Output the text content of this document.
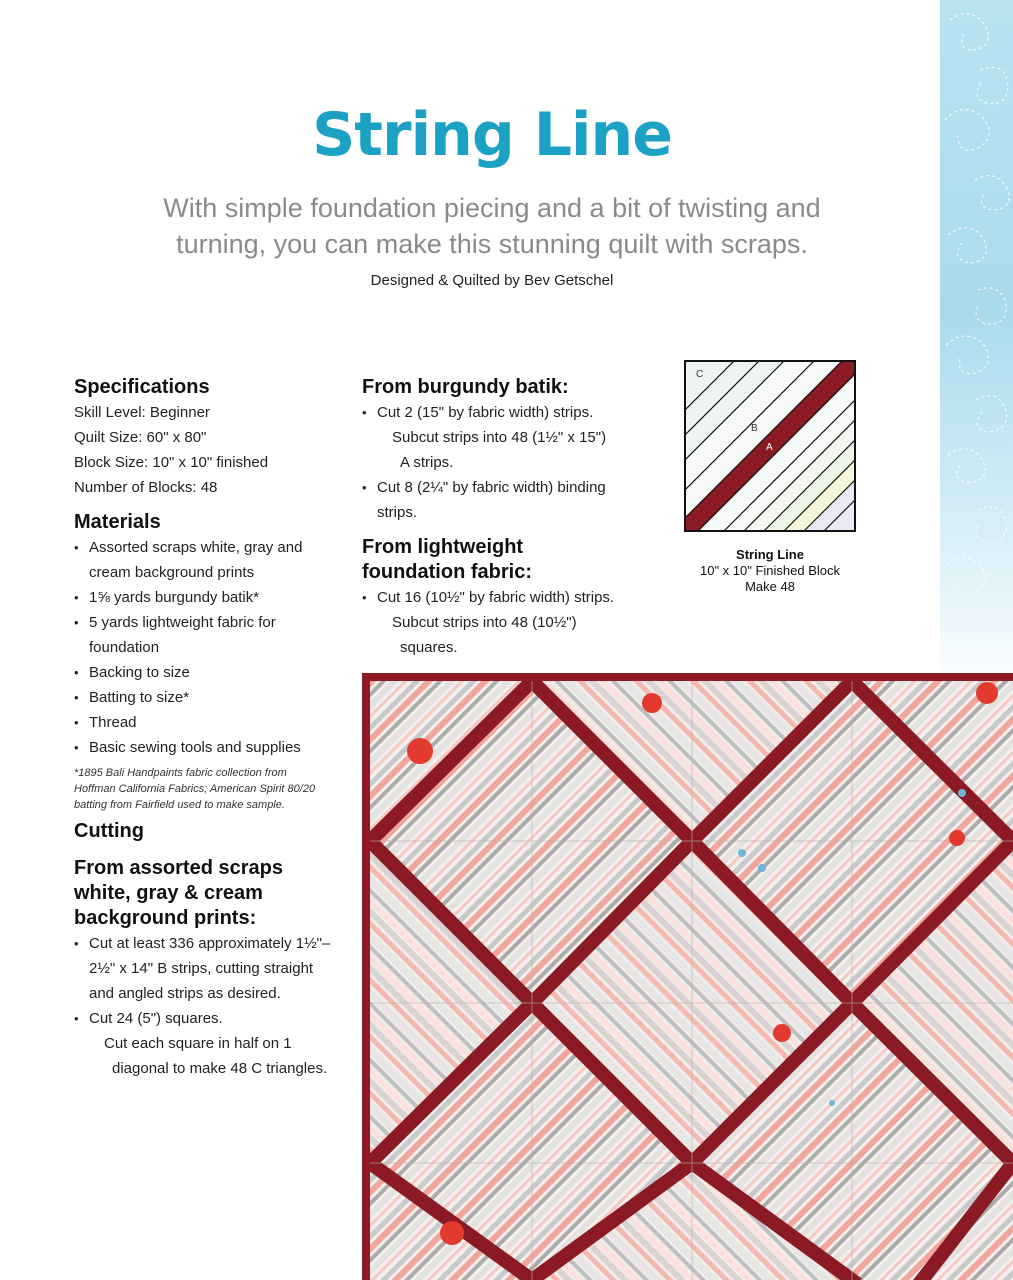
String Line
With simple foundation piecing and a bit of twisting and turning, you can make this stunning quilt with scraps.
Designed & Quilted by Bev Getschel
Specifications
Skill Level: Beginner
Quilt Size: 60" x 80"
Block Size: 10" x 10" finished
Number of Blocks: 48
Materials
• Assorted scraps white, gray and
cream background prints
• 1⅝ yards burgundy batik*
• 5 yards lightweight fabric for
foundation
• Backing to size
• Batting to size*
• Thread
• Basic sewing tools and supplies
*1895 Bali Handpaints fabric collection from
Hoffman California Fabrics; American Spirit 80/20
batting from Fairfield used to make sample.
Cutting
From assorted scraps
white, gray & cream
background prints:
• Cut at least 336 approximately 1½"–
2½" x 14" B strips, cutting straight
and angled strips as desired.
• Cut 24 (5") squares.
Cut each square in half on 1
diagonal to make 48 C triangles.
From burgundy batik:
• Cut 2 (15" by fabric width) strips.
Subcut strips into 48 (1½" x 15")
A strips.
• Cut 8 (2¼" by fabric width) binding
strips.
From lightweight
foundation fabric:
• Cut 16 (10½" by fabric width) strips.
Subcut strips into 48 (10½")
squares.
C
B
A
String Line
10" x 10" Finished Block
Make 48
